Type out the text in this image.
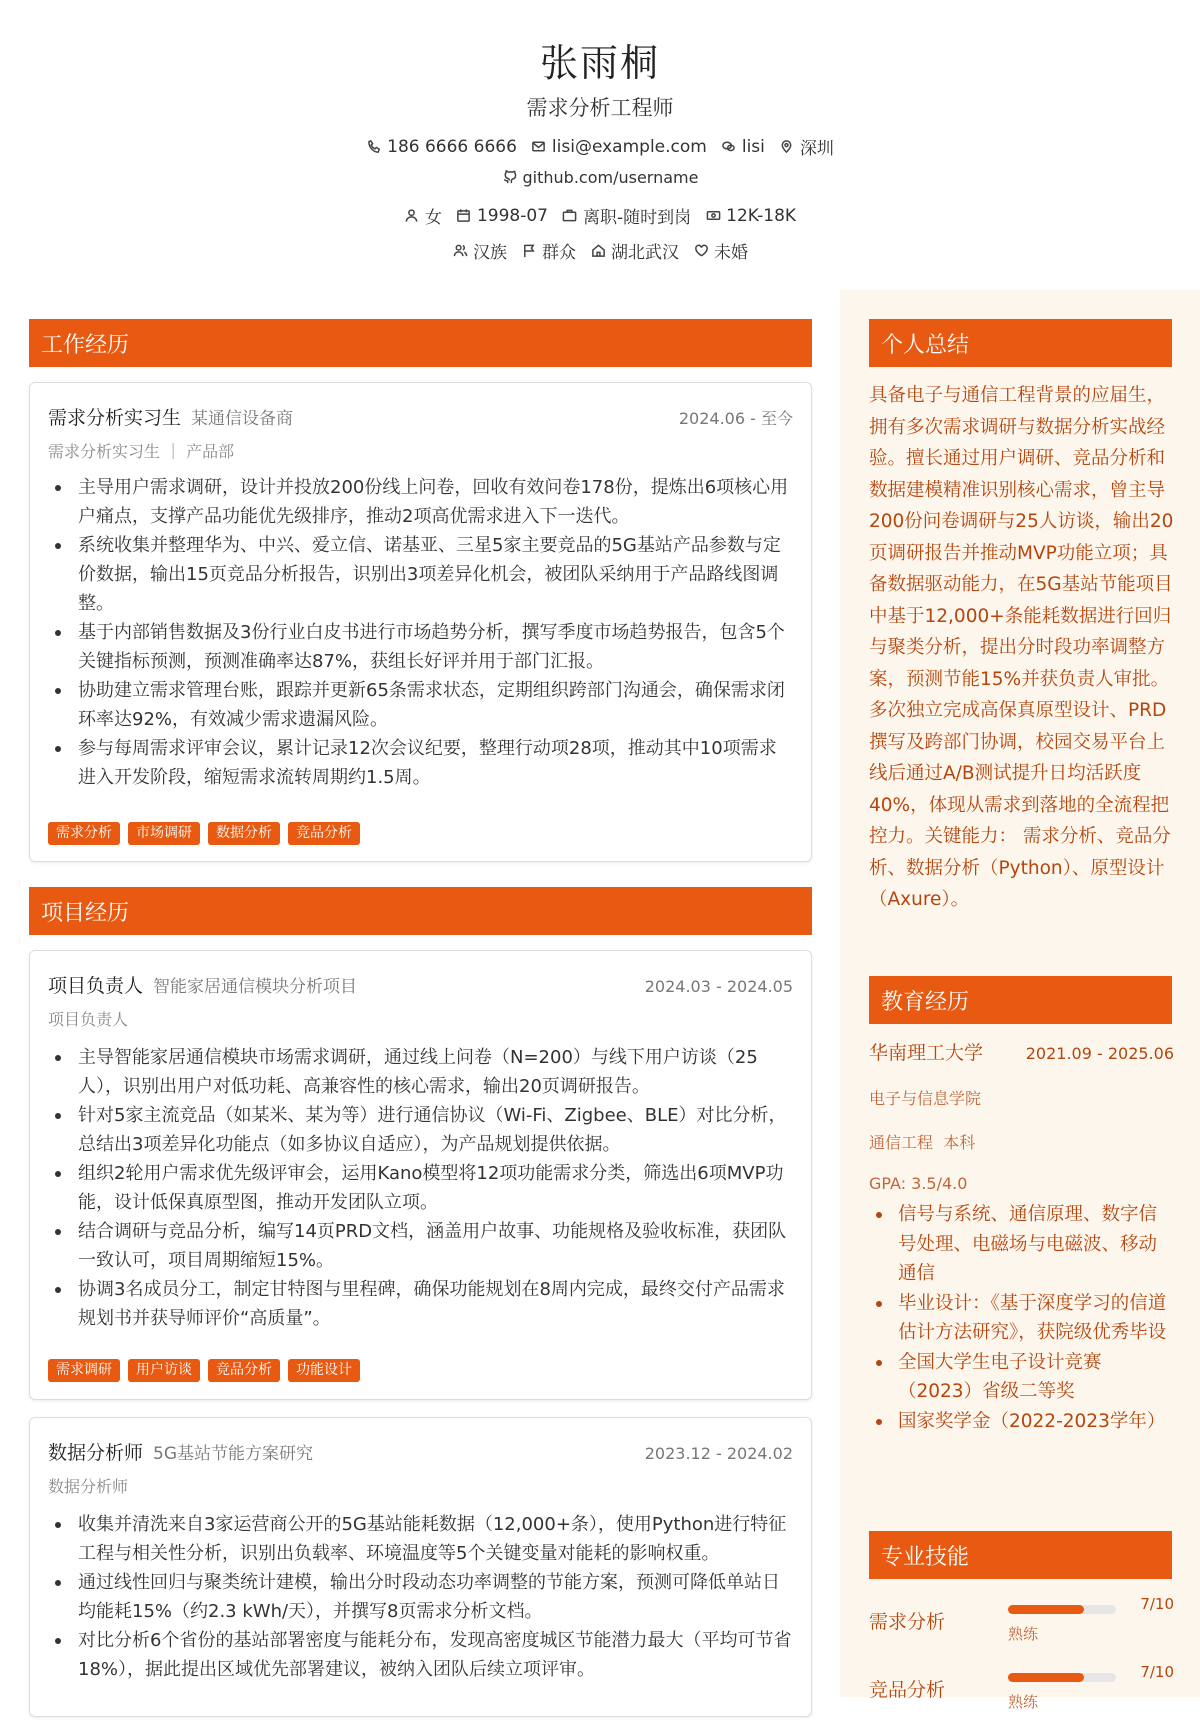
张雨桐
需求分析工程师
186 6666 6666 lisi@example.com lisi 深圳
github.com/username
女 1998-07 离职-随时到岗 12K-18K
汉族 群众 湖北武汉 未婚
工作经历
需求分析实习生 某通信设备商	2024.06 - 至今
需求分析实习生 ｜ 产品部
主导用户需求调研，设计并投放200份线上问卷，回收有效问卷178份，提炼出6项核心用户痛点，支撑产品功能优先级排序，推动2项高优需求进入下一迭代。
系统收集并整理华为、中兴、爱立信、诺基亚、三星5家主要竞品的5G基站产品参数与定价数据，输出15页竞品分析报告，识别出3项差异化机会，被团队采纳用于产品路线图调整。
基于内部销售数据及3份行业白皮书进行市场趋势分析，撰写季度市场趋势报告，包含5个关键指标预测，预测准确率达87%，获组长好评并用于部门汇报。
协助建立需求管理台账，跟踪并更新65条需求状态，定期组织跨部门沟通会，确保需求闭环率达92%，有效减少需求遗漏风险。
参与每周需求评审会议，累计记录12次会议纪要，整理行动项28项，推动其中10项需求进入开发阶段，缩短需求流转周期约1.5周。
需求分析	市场调研	数据分析	竞品分析
项目经历
项目负责人 智能家居通信模块分析项目	2024.03 - 2024.05
项目负责人
主导智能家居通信模块市场需求调研，通过线上问卷（N=200）与线下用户访谈（25人），识别出用户对低功耗、高兼容性的核心需求，输出20页调研报告。
针对5家主流竞品（如某米、某为等）进行通信协议（Wi-Fi、Zigbee、BLE）对比分析，总结出3项差异化功能点（如多协议自适应），为产品规划提供依据。
组织2轮用户需求优先级评审会，运用Kano模型将12项功能需求分类，筛选出6项MVP功能，设计低保真原型图，推动开发团队立项。
结合调研与竞品分析，编写14页PRD文档，涵盖用户故事、功能规格及验收标准，获团队一致认可，项目周期缩短15%。
协调3名成员分工，制定甘特图与里程碑，确保功能规划在8周内完成，最终交付产品需求规划书并获导师评价“高质量”。
需求调研	用户访谈	竞品分析	功能设计
数据分析师 5G基站节能方案研究	2023.12 - 2024.02
数据分析师
收集并清洗来自3家运营商公开的5G基站能耗数据（12,000+条），使用Python进行特征工程与相关性分析，识别出负载率、环境温度等5个关键变量对能耗的影响权重。
通过线性回归与聚类统计建模，输出分时段动态功率调整的节能方案，预测可降低单站日均能耗15%（约2.3 kWh/天），并撰写8页需求分析文档。
对比分析6个省份的基站部署密度与能耗分布，发现高密度城区节能潜力最大（平均可节省18%），据此提出区域优先部署建议，被纳入团队后续立项评审。
个人总结
具备电子与通信工程背景的应届生，拥有多次需求调研与数据分析实战经验。擅长通过用户调研、竞品分析和数据建模精准识别核心需求，曾主导200份问卷调研与25人访谈，输出20页调研报告并推动MVP功能立项；具备数据驱动能力，在5G基站节能项目中基于12,000+条能耗数据进行回归与聚类分析，提出分时段功率调整方案，预测节能15%并获负责人审批。多次独立完成高保真原型设计、PRD撰写及跨部门协调，校园交易平台上线后通过A/B测试提升日均活跃度40%，体现从需求到落地的全流程把控力。关键能力： 需求分析、竞品分析、数据分析（Python）、原型设计（Axure）。
教育经历
华南理工大学	2021.09 - 2025.06
电子与信息学院
通信工程 本科
GPA: 3.5/4.0
信号与系统、通信原理、数字信号处理、电磁场与电磁波、移动通信
毕业设计：《基于深度学习的信道估计方法研究》，获院级优秀毕设
全国大学生电子设计竞赛（2023）省级二等奖
国家奖学金（2022-2023学年）
专业技能
需求分析
7/10
熟练
竞品分析
7/10
熟练
